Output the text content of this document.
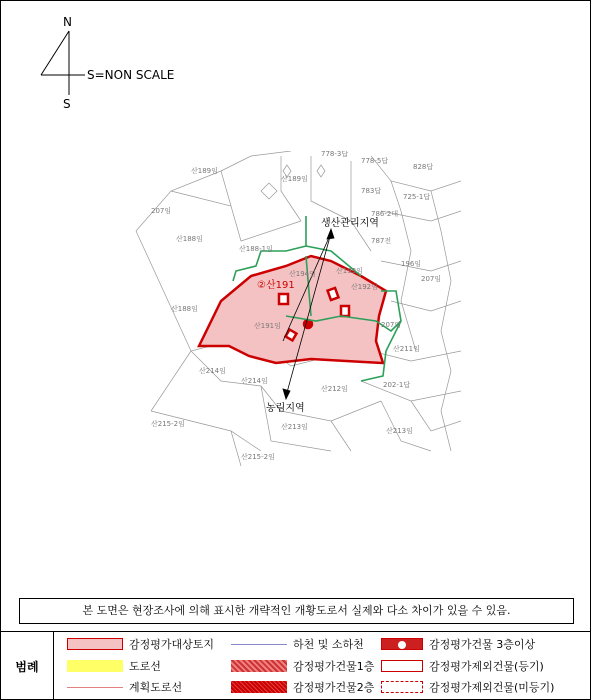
N
S
S=NON SCALE
778-3답
778-5답
828답
산189임
783답
725-1답
산189임
207임	786-2대
787전
196임
산188임
산188-1임
207임
산194임	산193임
산192임
산188임
207임
산191임
산211임
산214임
산214임
산212임	202-1답
산215-2임	산213임	산213임
산215-2임
②산191
생산관리지역
농림지역
본 도면은 현장조사에 의해 표시한 개략적인 개황도로서 실제와 다소 차이가 있을 수 있음.
범례
감정평가대상토지
도로선
계획도로선
하천 및 소하천
감정평가건물1층
감정평가건물2층
감정평가건물 3층이상
감정평가제외건물(등기)
감정평가제외건물(미등기)
